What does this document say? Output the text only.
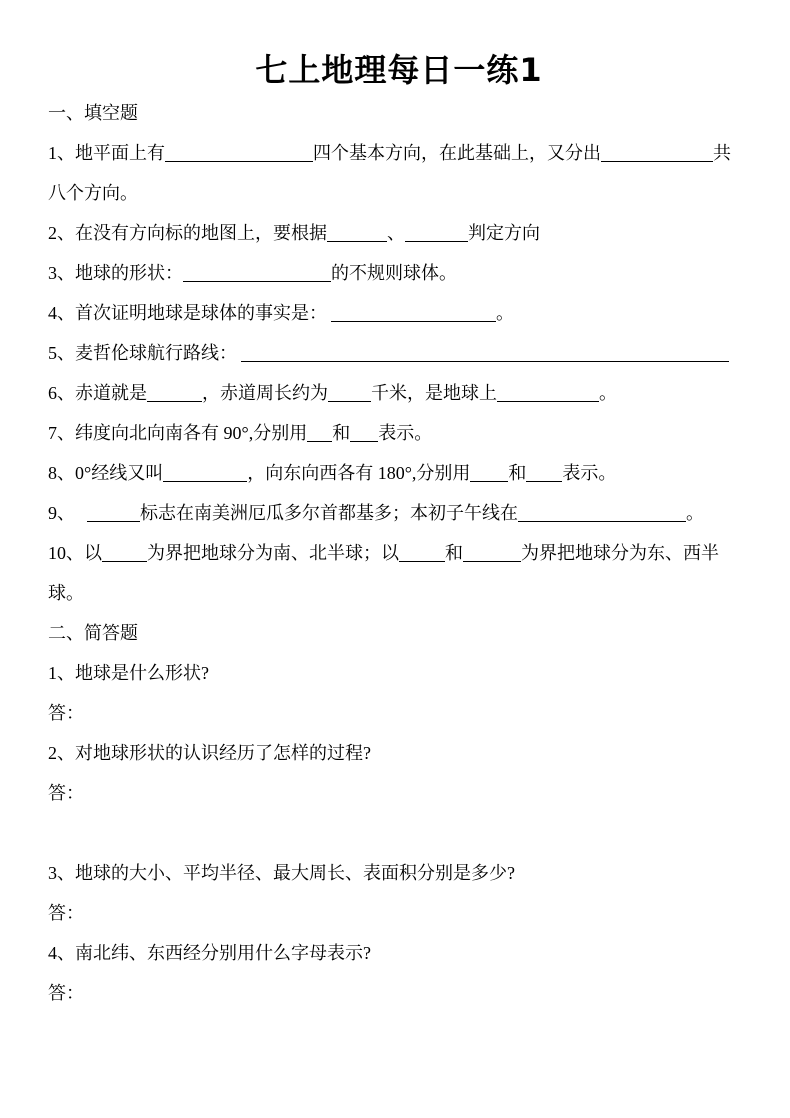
七上地理每日一练1
一、填空题
1、地平面上有	四个基本方向，在此基础上，又分出	共
八个方向。
2、在没有方向标的地图上，要根据	、	判定方向
3、地球的形状：	的不规则球体。
4、首次证明地球是球体的事实是：	。
5、麦哲伦球航行路线：
6、赤道就是	，赤道周长约为 千米，是地球上	。
7、纬度向北向南各有 90°,分别用 和 表示。
8、0°经线又叫	，向东向西各有 180°,分别用 和 表示。
9、	标志在南美洲厄瓜多尔首都基多；本初子午线在	。
10、以	为界把地球分为南、北半球；以	和	为界把地球分为东、西半
球。
二、简答题
1、地球是什么形状?
答：
2、对地球形状的认识经历了怎样的过程?
答：
3、地球的大小、平均半径、最大周长、表面积分别是多少?
答：
4、南北纬、东西经分别用什么字母表示?
答：
